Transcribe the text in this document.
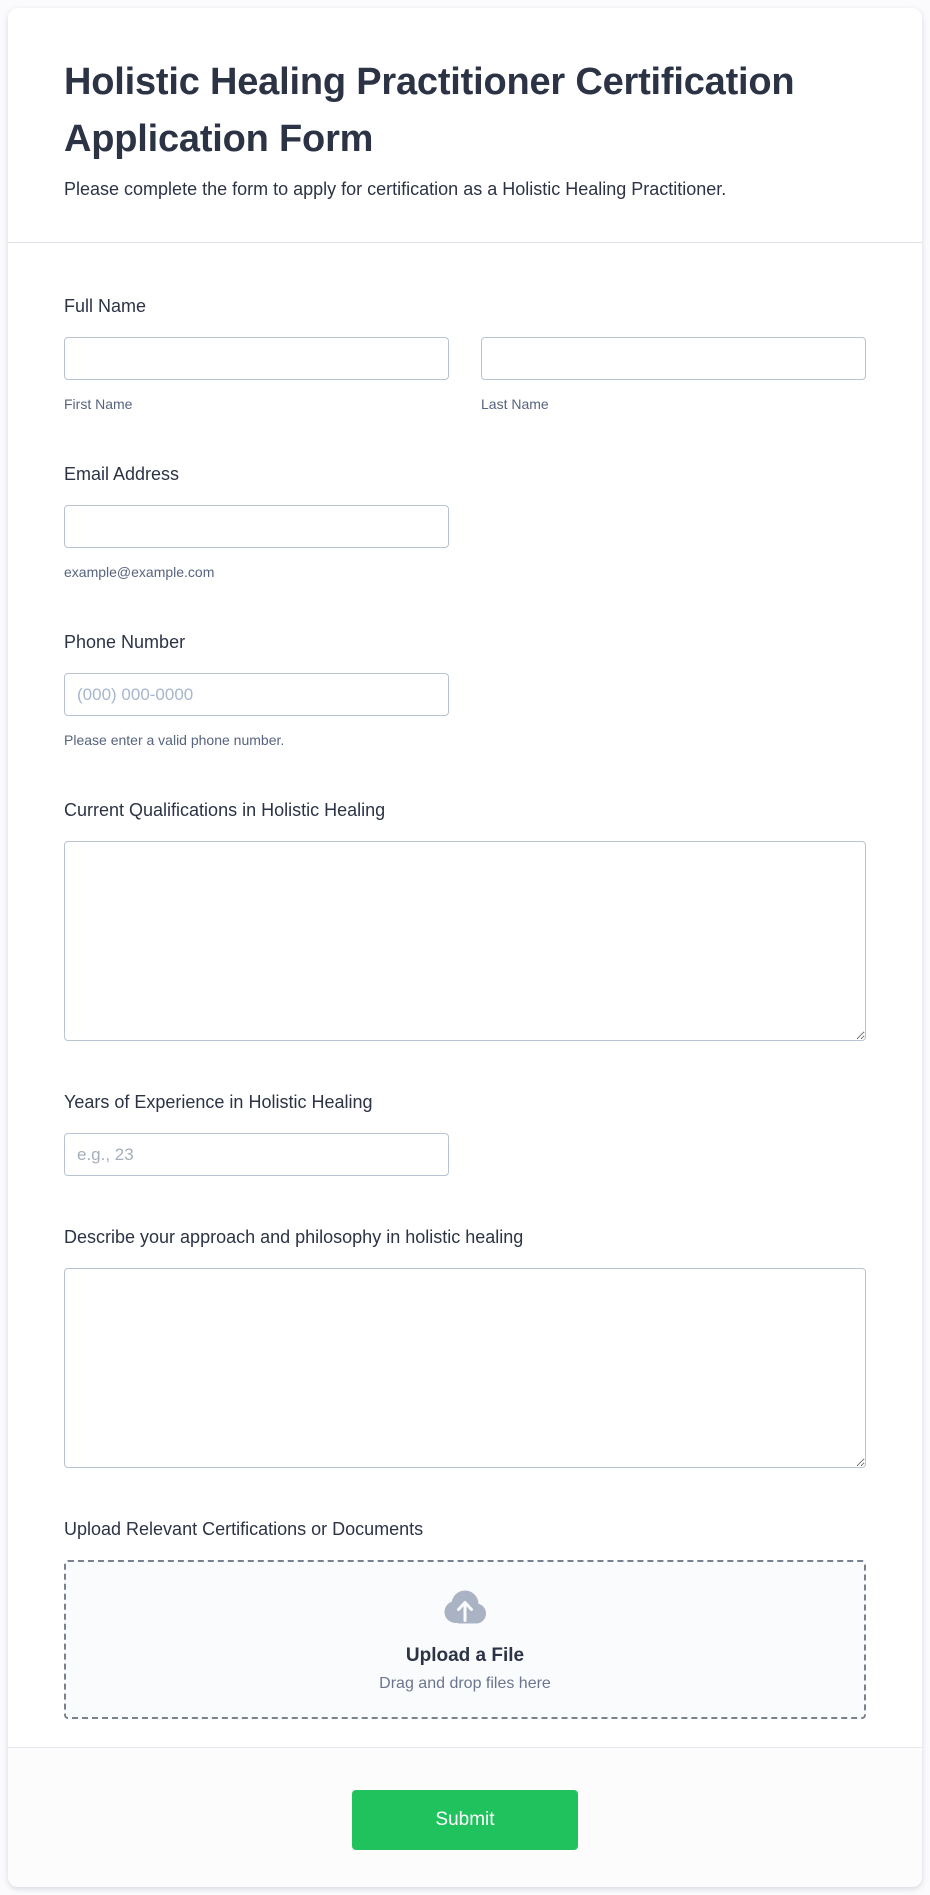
Holistic Healing Practitioner Certification Application Form

Please complete the form to apply for certification as a Holistic Healing Practitioner.

Full Name
First Name	Last Name
Email Address
example@example.com
Phone Number
(000) 000-0000
Please enter a valid phone number.
Current Qualifications in Holistic Healing
Years of Experience in Holistic Healing
e.g., 23
Describe your approach and philosophy in holistic healing
Upload Relevant Certifications or Documents
Upload a File
Drag and drop files here
Submit
